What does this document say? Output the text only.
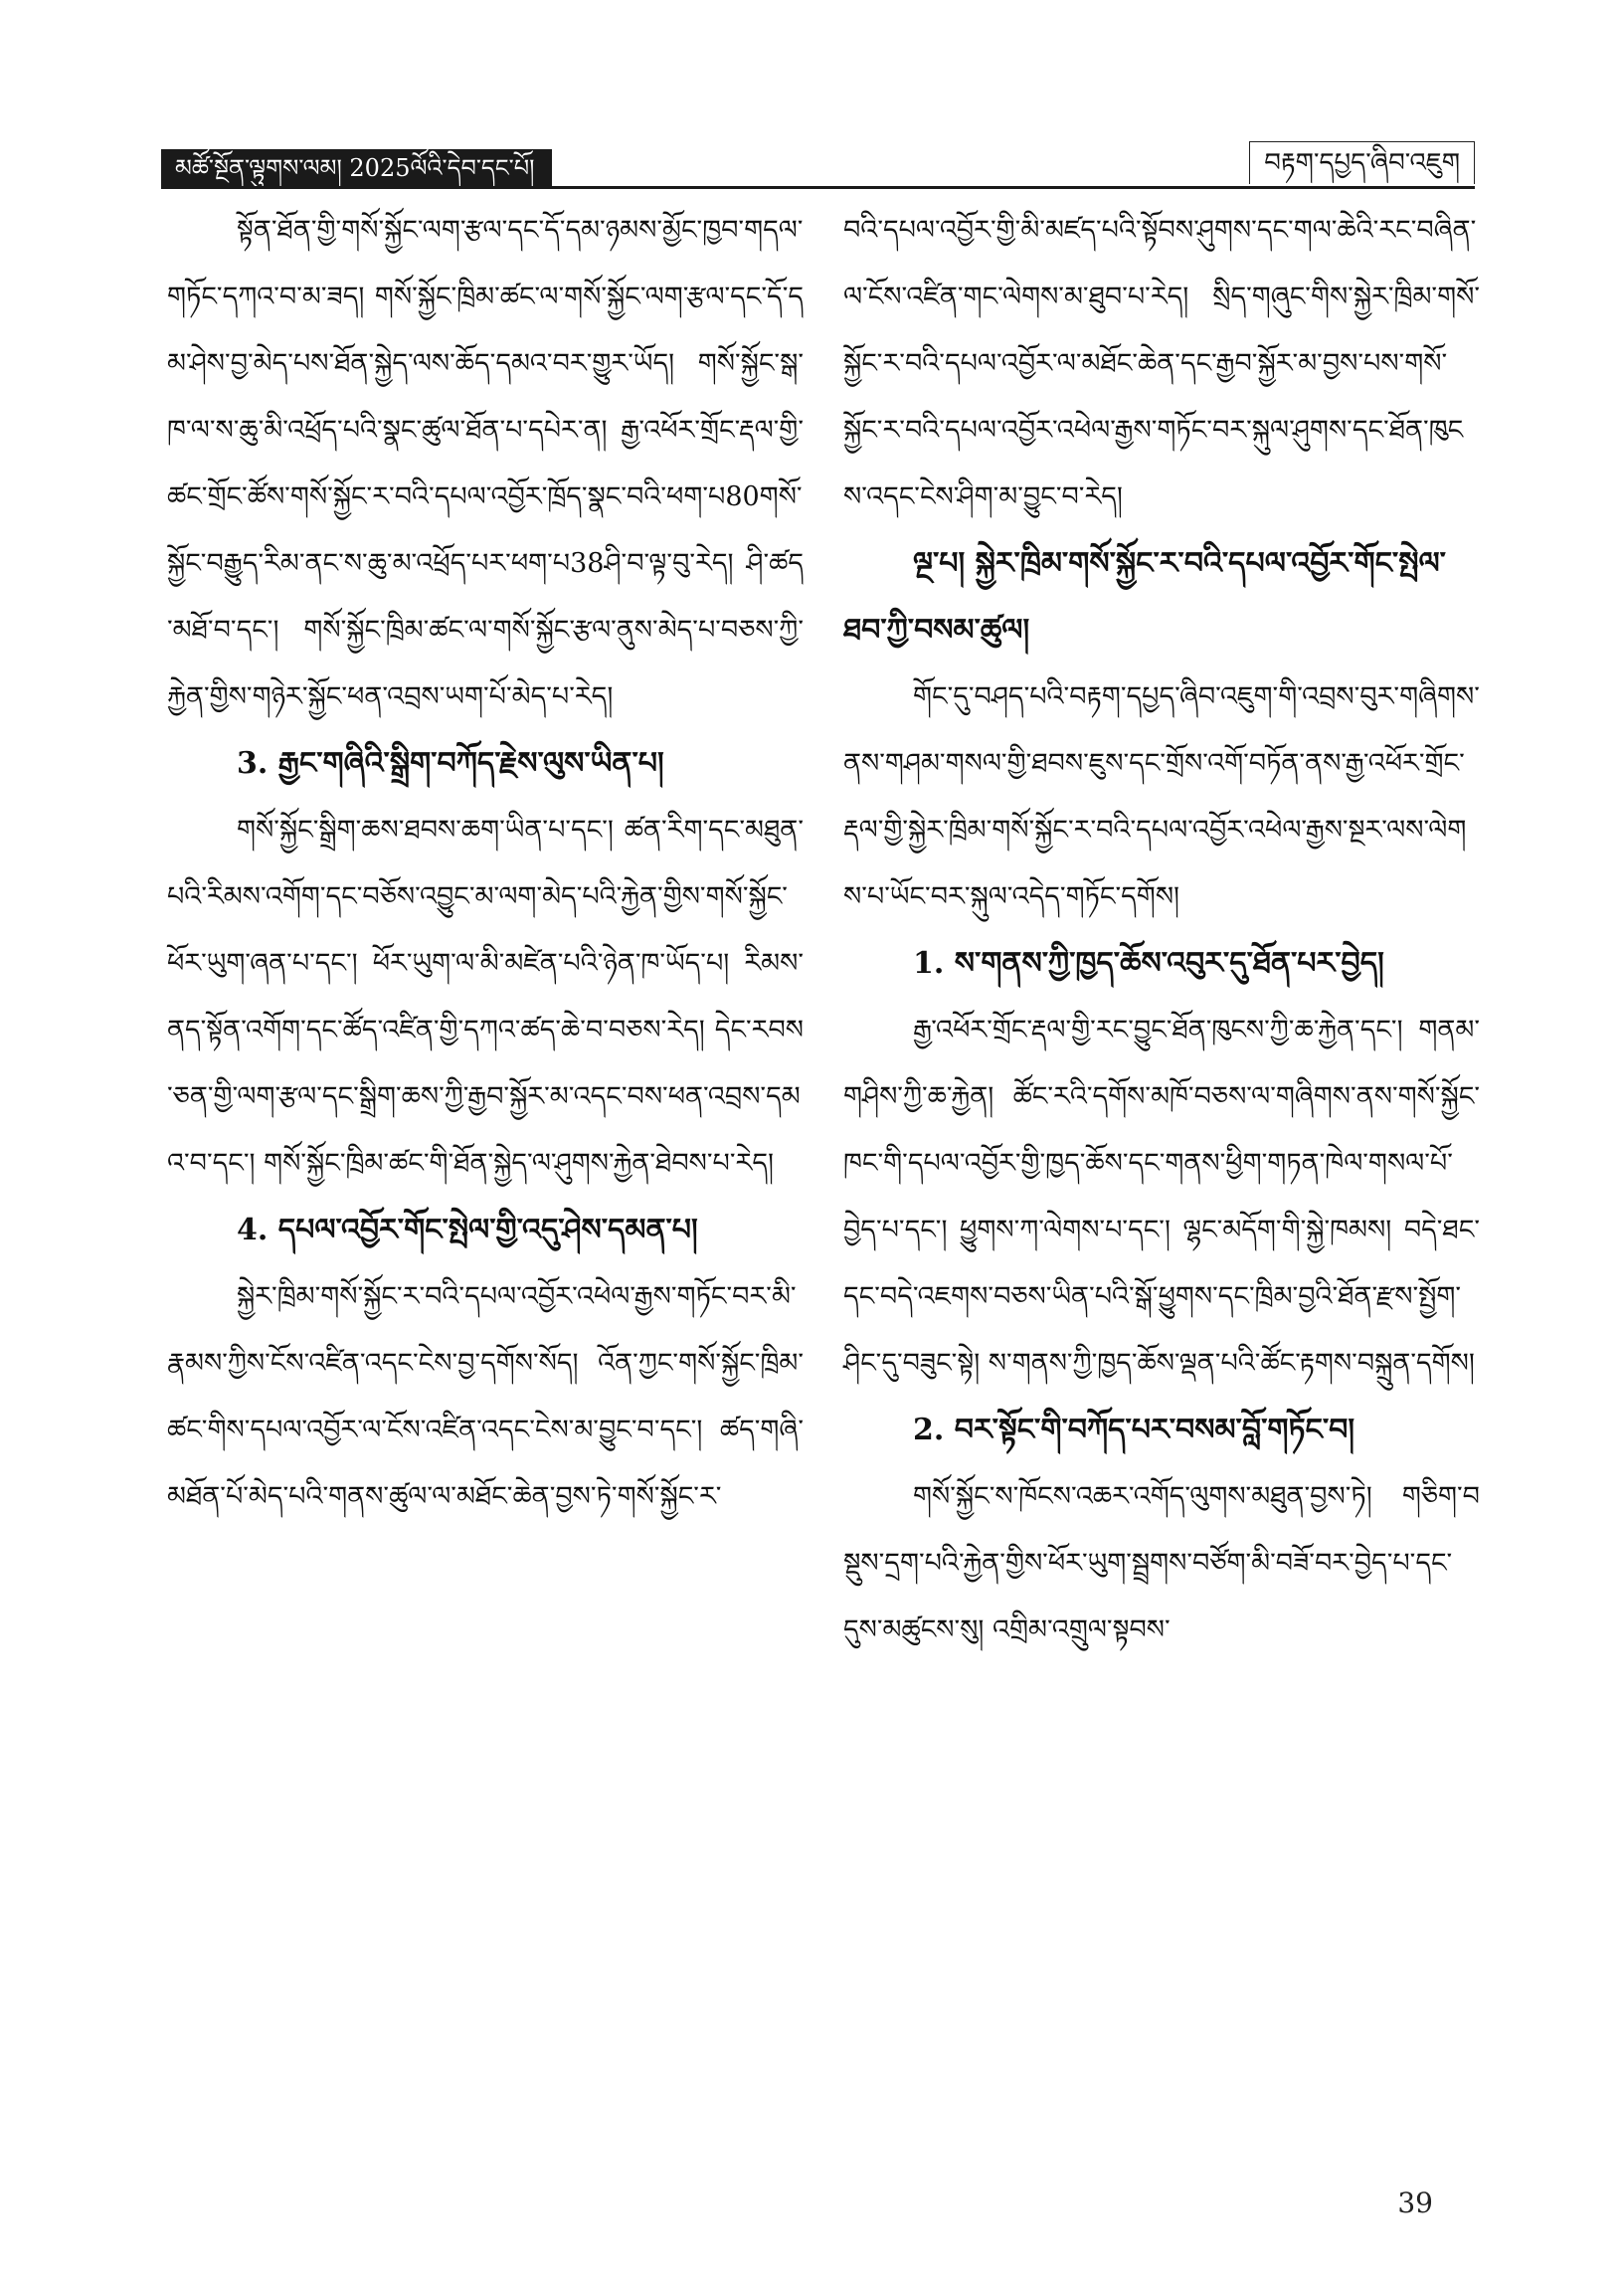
མཚོ་སྔོན་ལྟུགས་ལམ། 2025ལོའི་དེབ་དང་པོ།	བརྟག་དཔྱད་ཞིབ་འཇུག

སྟོན་ཐོན་གྱི་གསོ་སྐྱོང་ལག་རྩལ་དང་དོ་དམ་ཉམས་མྱོང་ཁྱབ་གདལ་གཏོང་དཀའ་བ་མ་ཟད། གསོ་སྐྱོང་ཁྲིམ་ཚང་ལ་གསོ་སྐྱོང་ལག་རྩལ་དང་དོ་དམ་ཤེས་བྱ་མེད་པས་ཐོན་སྐྱེད་ལས་ཆོད་དམའ་བར་གྱུར་ཡོད། གསོ་སྐྱོང་སྒ་ཁ་ལ་ས་ཆུ་མི་འཕྲོད་པའི་སྣང་ཚུལ་ཐོན་པ་དཔེར་ན། རྒྱ་འཕོར་གྲོང་རྡལ་གྱི་ཚང་གྲོང་ཚོས་གསོ་སྐྱོང་ར་བའི་དཔལ་འབྱོར་ཁྲོད་སྣང་བའི་ཕག་པ80གསོ་སྐྱོང་བརྒྱུད་རིམ་ནང་ས་ཆུ་མ་འཕྲོད་པར་ཕག་པ38ཤི་བ་ལྟ་བུ་རེད། ཤི་ཚད་མཐོ་བ་དང་། གསོ་སྐྱོང་ཁྲིམ་ཚང་ལ་གསོ་སྐྱོང་རྩལ་ནུས་མེད་པ་བཅས་ཀྱི་རྐྱེན་གྱིས་གཉེར་སྐྱོང་ཕན་འབྲས་ཡག་པོ་མེད་པ་རེད།

3. རྒྱང་གཞིའི་སྒྲིག་བཀོད་རྗེས་ལུས་ཡིན་པ།

གསོ་སྐྱོང་སྒྲིག་ཆས་ཐབས་ཆག་ཡིན་པ་དང་། ཚན་རིག་དང་མཐུན་པའི་རིམས་འགོག་དང་བཅོས་འབྱུང་མ་ལག་མེད་པའི་རྐྱེན་གྱིས་གསོ་སྐྱོང་ཕོར་ཡུག་ཞན་པ་དང་། ཕོར་ཡུག་ལ་མི་མཛེན་པའི་ཉེན་ཁ་ཡོད་པ། རིམས་ནད་སྟོན་འགོག་དང་ཚོད་འཛིན་གྱི་དཀའ་ཚད་ཆེ་བ་བཅས་རེད། དེང་རབས་ཅན་གྱི་ལག་རྩལ་དང་སྒྲིག་ཆས་ཀྱི་རྒྱབ་སྐྱོར་མ་འདང་བས་ཕན་འབྲས་དམའ་བ་དང་། གསོ་སྐྱོང་ཁྲིམ་ཚང་གི་ཐོན་སྐྱེད་ལ་ཤུགས་རྐྱེན་ཐེབས་པ་རེད།

4. དཔལ་འབྱོར་གོང་སྤེལ་གྱི་འདུ་ཤེས་དམན་པ།

སྐྱེར་ཁྲིམ་གསོ་སྐྱོང་ར་བའི་དཔལ་འབྱོར་འཕེལ་རྒྱས་གཏོང་བར་མི་རྣམས་ཀྱིས་ངོས་འཛིན་འདང་ངེས་བྱ་དགོས་སོད། འོན་ཀྱང་གསོ་སྐྱོང་ཁྲིམ་ཚང་གིས་དཔལ་འབྱོར་ལ་ངོས་འཛིན་འདང་ངེས་མ་བྱུང་བ་དང་། ཚད་གཞི་མཐོན་པོ་མེད་པའི་གནས་ཚུལ་ལ་མཐོང་ཆེན་བྱས་ཏེ་གསོ་སྐྱོང་ར་

བའི་དཔལ་འབྱོར་གྱི་མི་མཛད་པའི་སྟོབས་ཤུགས་དང་གལ་ཆེའི་རང་བཞིན་ལ་ངོས་འཛིན་གང་ལེགས་མ་ཐུབ་པ་རེད། སྲིད་གཞུང་གིས་སྐྱེར་ཁྲིམ་གསོ་སྐྱོང་ར་བའི་དཔལ་འབྱོར་ལ་མཐོང་ཆེན་དང་རྒྱབ་སྐྱོར་མ་བྱས་པས་གསོ་སྐྱོང་ར་བའི་དཔལ་འབྱོར་འཕེལ་རྒྱས་གཏོང་བར་སྐུལ་ཤུགས་དང་ཐོན་ཁུངས་འདང་ངེས་ཤིག་མ་བྱུང་བ་རེད།

ལྔ་པ། སྐྱེར་ཁྲིམ་གསོ་སྐྱོང་ར་བའི་དཔལ་འབྱོར་གོང་སྤེལ་ཐབ་ཀྱི་བསམ་ཚུལ།

གོང་དུ་བཤད་པའི་བརྟག་དཔྱད་ཞིབ་འཇུག་གི་འབྲས་བུར་གཞིགས་ནས་གཤམ་གསལ་གྱི་ཐབས་ཇུས་དང་གྲོས་འགོ་བཏོན་ནས་རྒྱ་འཕོར་གྲོང་རྡལ་གྱི་སྐྱེར་ཁྲིམ་གསོ་སྐྱོང་ར་བའི་དཔལ་འབྱོར་འཕེལ་རྒྱས་སྔར་ལས་ལེགས་པ་ཡོང་བར་སྐུལ་འདེད་གཏོང་དགོས།

1. ས་གནས་ཀྱི་ཁྱད་ཆོས་འབུར་དུ་ཐོན་པར་བྱེད།

རྒྱ་འཕོར་གྲོང་རྡལ་གྱི་རང་བྱུང་ཐོན་ཁུངས་ཀྱི་ཆ་རྐྱེན་དང་། གནམ་གཤིས་ཀྱི་ཆ་རྐྱེན། ཚོང་རའི་དགོས་མཁོ་བཅས་ལ་གཞིགས་ནས་གསོ་སྐྱོང་ཁང་གི་དཔལ་འབྱོར་གྱི་ཁྱད་ཆོས་དང་གནས་ཕྱིག་གཏན་ཁེལ་གསལ་པོ་བྱེད་པ་དང་། ཕྱུགས་ཀ་ལེགས་པ་དང་། ལྷང་མདོག་གི་སྐྱེ་ཁམས། བདེ་ཐང་དང་བདེ་འཇགས་བཅས་ཡིན་པའི་སྒོ་ཕྱུགས་དང་ཁྲིམ་བྱའི་ཐོན་རྫས་སྤྱོག་ཤིང་དུ་བཟུང་སྟེ། ས་གནས་ཀྱི་ཁྱད་ཆོས་ལྡན་པའི་ཚོང་རྟགས་བསྐྲུན་དགོས།

2. བར་སྟོང་གི་བཀོད་པར་བསམ་བློ་གཏོང་བ།

གསོ་སྐྱོང་ས་ཁོངས་འཆར་འགོད་ལུགས་མཐུན་བྱས་ཏེ། གཅིག་བསྡུས་དྲག་པའི་རྐྱེན་གྱིས་ཕོར་ཡུག་སྦྲགས་བཙོག་མི་བཟོ་བར་བྱེད་པ་དང་དུས་མཚུངས་སུ། འགྲིམ་འགྲུལ་སྟབས་

39
